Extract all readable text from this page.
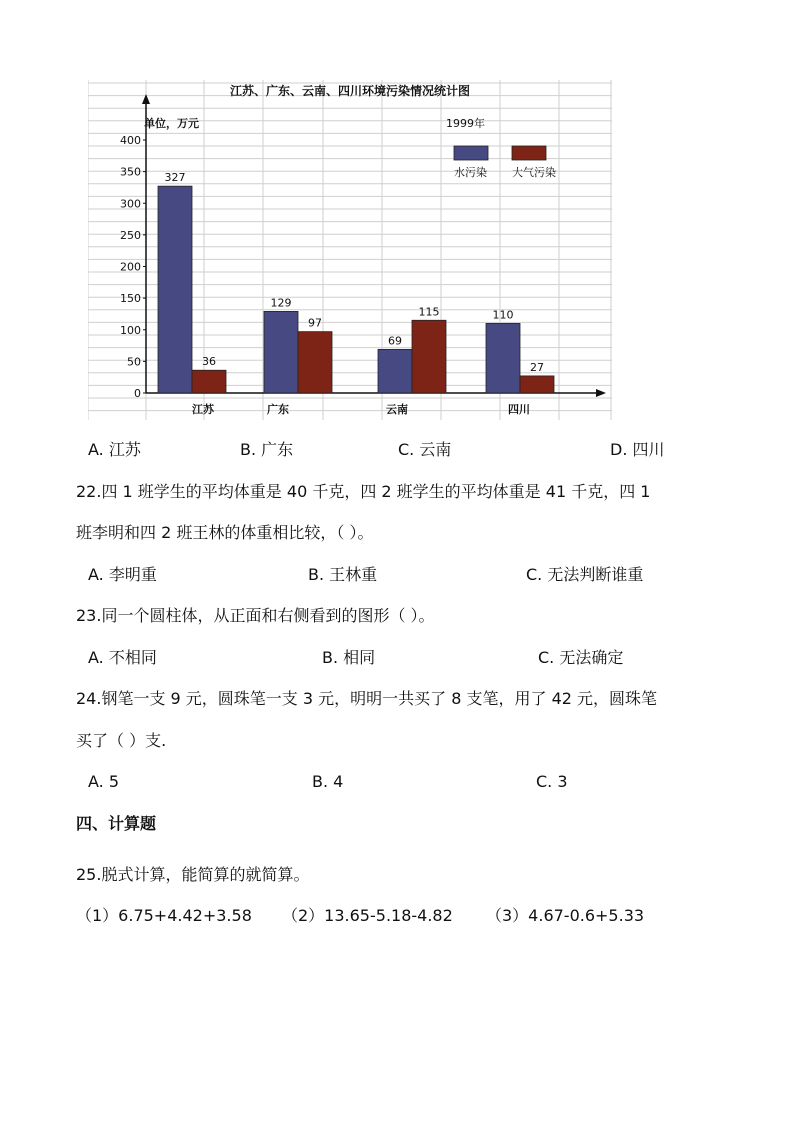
江苏、广东、云南、四川环境污染情况统计图
单位，万元	1999年
0
50
100
150
200
250
300
350
400
327
36
江苏
129
97
广东
69
115
云南
110
27
四川
水污染 大气污染
A. 江苏	B. 广东	C. 云南	D. 四川
22.四 1 班学生的平均体重是 40 千克，四 2 班学生的平均体重是 41 千克，四 1
班李明和四 2 班王林的体重相比较，（ ）。
A. 李明重	B. 王林重	C. 无法判断谁重
23.同一个圆柱体，从正面和右侧看到的图形（ ）。
A. 不相同	B. 相同	C. 无法确定
24.钢笔一支 9 元，圆珠笔一支 3 元，明明一共买了 8 支笔，用了 42 元，圆珠笔
买了（ ）支.
A. 5	B. 4	C. 3
四、计算题
25.脱式计算，能简算的就简算。
（1）6.75+4.42+3.58 （2）13.65-5.18-4.82 （3）4.67-0.6+5.33
